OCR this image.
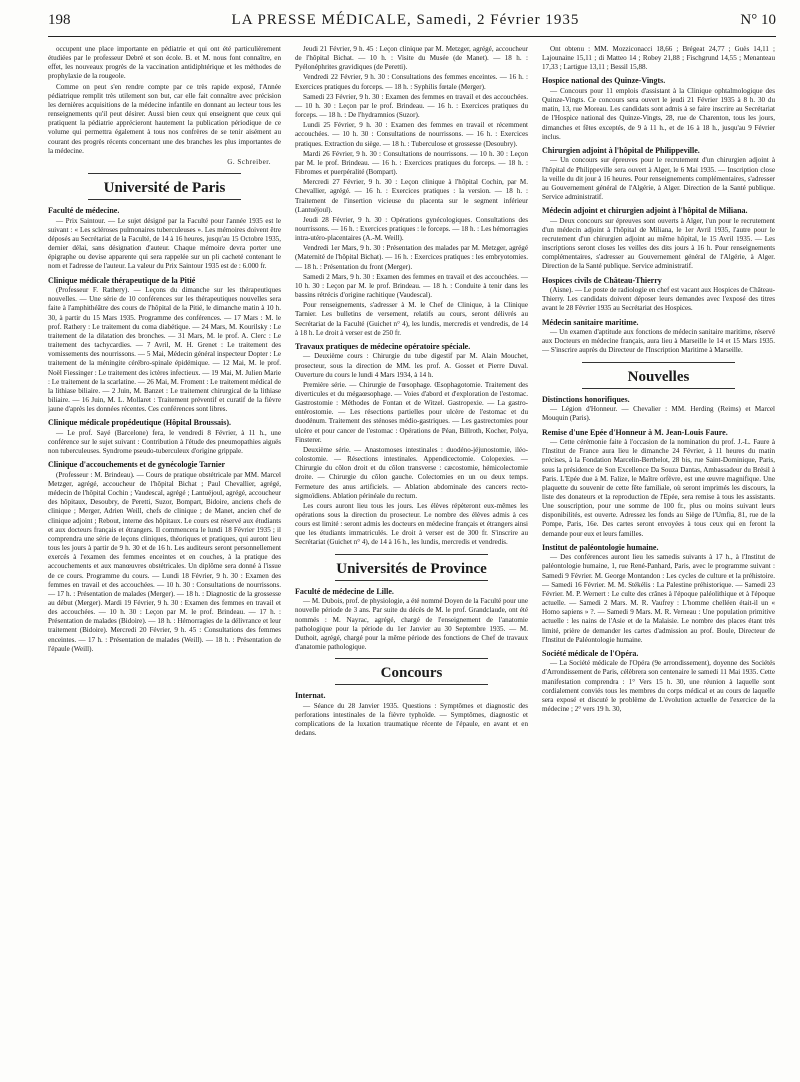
198	LA PRESSE MÉDICALE, Samedi, 2 Février 1935	N° 10

occupent une place importante en pédiatrie et qui ont été particulièrement étudiées par le professeur Debré et son école. B. et M. nous font connaître, en effet, les nouveaux progrès de la vaccination antidiphtérique et les méthodes de prophylaxie de la rougeole.

Comme on peut s'en rendre compte par ce très rapide exposé, l'Année pédiatrique remplit très utilement son but, car elle fait connaître avec précision les dernières acquisitions de la médecine infantile en donnant au lecteur tous les renseignements qu'il peut désirer. Aussi bien ceux qui enseignent que ceux qui pratiquent la pédiatrie apprécieront hautement la publication périodique de ce volume qui permettra également à tous nos confrères de se tenir aisément au courant des progrès récents concernant une des branches les plus importantes de la médecine.

G. Schreiber.
Université de Paris
Faculté de médecine.

— Prix Saintour. — Le sujet désigné par la Faculté pour l'année 1935 est le suivant : « Les scléroses pulmonaires tuberculeuses ». Les mémoires doivent être déposés au Secrétariat de la Faculté, de 14 à 16 heures, jusqu'au 15 Octobre 1935, dernier délai, sans désignation d'auteur. Chaque mémoire devra porter une épigraphe ou devise apparente qui sera rappelée sur un pli cacheté contenant le nom et l'adresse de l'auteur. La valeur du Prix Saintour 1935 est de : 6.000 fr.

Clinique médicale thérapeutique de la Pitié

(Professeur F. Rathery). — Leçons du dimanche sur les thérapeutiques nouvelles. — Une série de 10 conférences sur les thérapeutiques nouvelles sera faite à l'amphithéâtre des cours de l'hôpital de la Pitié, le dimanche matin à 10 h. 30, à partir du 15 Mars 1935. Programme des conférences. — 17 Mars : M. le prof. Rathery : Le traitement du coma diabétique. — 24 Mars, M. Kourilsky : Le traitement de la dilatation des bronches. — 31 Mars, M. le prof. A. Clerc : Le traitement des tachycardies. — 7 Avril, M. H. Grenet : Le traitement des vomissements des nourrissons. — 5 Mai, Médecin général inspecteur Dopter : Le traitement de la méningite cérébro-spinale épidémique. — 12 Mai, M. le prof. Noël Fiessinger : Le traitement des ictères infectieux. — 19 Mai, M. Julien Marie : Le traitement de la scarlatine. — 26 Mai, M. Froment : Le traitement médical de la lithiase biliaire. — 2 Juin, M. Banzet : Le traitement chirurgical de la lithiase biliaire. — 16 Juin, M. L. Mollaret : Traitement préventif et curatif de la fièvre jaune d'après les données récentes. Ces conférences sont libres.

Clinique médicale propédeutique (Hôpital Broussais).

— Le prof. Sayé (Barcelone) fera, le vendredi 8 Février, à 11 h., une conférence sur le sujet suivant : Contribution à l'étude des pneumopathies aiguës non tuberculeuses. Syndrome pseudo-tuberculeux d'origine grippale.

Clinique d'accouchements et de gynécologie Tarnier

(Professeur : M. Brindeau). — Cours de pratique obstétricale par MM. Marcel Metzger, agrégé, accoucheur de l'hôpital Bichat ; Paul Chevallier, agrégé, médecin de l'hôpital Cochin ; Vaudescal, agrégé ; Lantuéjoul, agrégé, accoucheur des hôpitaux, Desoubry, de Peretti, Suzor, Bompart, Bidoire, anciens chefs de clinique ; Merger, Adrien Weill, chefs de clinique ; de Manet, ancien chef de clinique adjoint ; Rebout, interne des hôpitaux. Le cours est réservé aux étudiants et aux docteurs français et étrangers. Il commencera le lundi 18 Février 1935 ; il comprendra une série de leçons cliniques, théoriques et pratiques, qui auront lieu tous les jours à partir de 9 h. 30 et de 16 h. Les auditeurs seront personnellement exercés à l'examen des femmes enceintes et en couches, à la pratique des accouchements et aux manœuvres obstétricales. Un diplôme sera donné à l'issue de ce cours. Programme du cours. — Lundi 18 Février, 9 h. 30 : Examen des femmes en travail et des accouchées. — 10 h. 30 : Consultations de nourrissons. — 17 h. : Présentation de malades (Merger). — 18 h. : Diagnostic de la grossesse au début (Merger). Mardi 19 Février, 9 h. 30 : Examen des femmes en travail et des accouchées. — 10 h. 30 : Leçon par M. le prof. Brindeau. — 17 h. : Présentation de malades (Bidoire). — 18 h. : Hémorragies de la délivrance et leur traitement (Bidoire). Mercredi 20 Février, 9 h. 45 : Consultations des femmes enceintes. — 17 h. : Présentation de malades (Weill). — 18 h. : Présentation de l'épaule (Weill).

Jeudi 21 Février, 9 h. 45 : Leçon clinique par M. Metzger, agrégé, accoucheur de l'hôpital Bichat. — 10 h. : Visite du Musée (de Manet). — 18 h. : Pyélonéphrites gravidiques (de Peretti).

Vendredi 22 Février, 9 h. 30 : Consultations des femmes enceintes. — 16 h. : Exercices pratiques du forceps. — 18 h. : Syphilis fœtale (Merger).

Samedi 23 Février, 9 h. 30 : Examen des femmes en travail et des accouchées. — 10 h. 30 : Leçon par le prof. Brindeau. — 16 h. : Exercices pratiques du forceps. — 18 h. : De l'hydramnios (Suzor).

Lundi 25 Février, 9 h. 30 : Examen des femmes en travail et récemment accouchées. — 10 h. 30 : Consultations de nourrissons. — 16 h. : Exercices pratiques. Extraction du siège. — 18 h. : Tuberculose et grossesse (Desoubry).

Mardi 26 Février, 9 h. 30 : Consultations de nourrissons. — 10 h. 30 : Leçon par M. le prof. Brindeau. — 16 h. : Exercices pratiques du forceps. — 18 h. : Fibromes et puerpéralité (Bompart).

Mercredi 27 Février, 9 h. 30 : Leçon clinique à l'hôpital Cochin, par M. Chevallier, agrégé. — 16 h. : Exercices pratiques : la version. — 18 h. : Traitement de l'insertion vicieuse du placenta sur le segment inférieur (Lantuéjoul).

Jeudi 28 Février, 9 h. 30 : Opérations gynécologiques. Consultations des nourrissons. — 16 h. : Exercices pratiques : le forceps. — 18 h. : Les hémorragies intra-utéro-placentaires (A.-M. Weill).

Vendredi 1er Mars, 9 h. 30 : Présentation des malades par M. Metzger, agrégé (Maternité de l'hôpital Bichat). — 16 h. : Exercices pratiques : les embryotomies. — 18 h. : Présentation du front (Merger).

Samedi 2 Mars, 9 h. 30 : Examen des femmes en travail et des accouchées. — 10 h. 30 : Leçon par M. le prof. Brindeau. — 18 h. : Conduite à tenir dans les bassins rétrécis d'origine rachitique (Vaudescal).

Pour renseignements, s'adresser à M. le Chef de Clinique, à la Clinique Tarnier. Les bulletins de versement, relatifs au cours, seront délivrés au Secrétariat de la Faculté (Guichet n° 4), les lundis, mercredis et vendredis, de 14 à 18 h. Le droit à verser est de 250 fr.

Travaux pratiques de médecine opératoire spéciale.

— Deuxième cours : Chirurgie du tube digestif par M. Alain Mouchet, prosecteur, sous la direction de MM. les prof. A. Gosset et Pierre Duval. Ouverture du cours le lundi 4 Mars 1934, à 14 h.

Première série. — Chirurgie de l'œsophage. Œsophagotomie. Traitement des diverticules et du mégaœsophage. — Voies d'abord et d'exploration de l'estomac. Gastrostomie : Méthodes de Fontan et de Witzel. Gastropexie. — La gastro-entérostomie. — Les résections partielles pour ulcère de l'estomac et du duodénum. Traitement des sténoses médio-gastriques. — Les gastrectomies pour ulcère et pour cancer de l'estomac : Opérations de Péan, Billroth, Kocher, Polya, Finsterer.

Deuxième série. — Anastomoses intestinales : duodéno-jéjunostomie, iléo-colostomie. — Résections intestinales. Appendicectomie. Colopexies. — Chirurgie du côlon droit et du côlon transverse : cæcostomie, hémicolectomie droite. — Chirurgie du côlon gauche. Colectomies en un ou deux temps. Fermeture des anus artificiels. — Ablation abdominale des cancers recto-sigmoïdiens. Ablation périnéale du rectum.

Les cours auront lieu tous les jours. Les élèves répèteront eux-mêmes les opérations sous la direction du prosecteur. Le nombre des élèves admis à ces cours est limité : seront admis les docteurs en médecine français et étrangers ainsi que les étudiants immatriculés. Le droit à verser est de 300 fr. S'inscrire au Secrétariat (Guichet n° 4), de 14 à 16 h., les lundis, mercredis et vendredis.

Universités de Province
Faculté de médecine de Lille.

— M. Dubois, prof. de physiologie, a été nommé Doyen de la Faculté pour une nouvelle période de 3 ans. Par suite du décès de M. le prof. Grandclaude, ont été nommés : M. Nayrac, agrégé, chargé de l'enseignement de l'anatomie pathologique pour la période du 1er Janvier au 30 Septembre 1935. — M. Duthoit, agrégé, chargé pour la même période des fonctions de Chef de travaux d'anatomie pathologique.

Concours
Internat.

— Séance du 28 Janvier 1935. Questions : Symptômes et diagnostic des perforations intestinales de la fièvre typhoïde. — Symptômes, diagnostic et complications de la luxation traumatique récente de l'épaule, en avant et en dedans.

Ont obtenu : MM. Mozziconacci 18,66 ; Brégeat 24,77 ; Guès 14,11 ; Lajounaine 15,11 ; di Matteo 14 ; Robey 21,88 ; Fischgrund 14,55 ; Menanteau 17,33 ; Lartigue 13,11 ; Bessil 15,88.

Hospice national des Quinze-Vingts.

— Concours pour 11 emplois d'assistant à la Clinique ophtalmologique des Quinze-Vingts. Ce concours sera ouvert le jeudi 21 Février 1935 à 8 h. 30 du matin, 13, rue Moreau. Les candidats sont admis à se faire inscrire au Secrétariat de l'Hospice national des Quinze-Vingts, 28, rue de Charenton, tous les jours, dimanches et fêtes exceptés, de 9 à 11 h., et de 16 à 18 h., jusqu'au 9 Février inclus.

Chirurgien adjoint à l'hôpital de Philippeville.

— Un concours sur épreuves pour le recrutement d'un chirurgien adjoint à l'hôpital de Philippeville sera ouvert à Alger, le 6 Mai 1935. — Inscription close la veille du dit jour à 16 heures. Pour renseignements complémentaires, s'adresser au Gouvernement général de l'Algérie, à Alger. Direction de la Santé publique. Service administratif.

Médecin adjoint et chirurgien adjoint à l'hôpital de Miliana.

— Deux concours sur épreuves sont ouverts à Alger, l'un pour le recrutement d'un médecin adjoint à l'hôpital de Miliana, le 1er Avril 1935, l'autre pour le recrutement d'un chirurgien adjoint au même hôpital, le 15 Avril 1935. — Les inscriptions seront closes les veilles des dits jours à 16 h. Pour renseignements complémentaires, s'adresser au Gouvernement général de l'Algérie, à Alger. Direction de la Santé publique. Service administratif.

Hospices civils de Château-Thierry

(Aisne). — Le poste de radiologie en chef est vacant aux Hospices de Château-Thierry. Les candidats doivent déposer leurs demandes avec l'exposé des titres avant le 28 Février 1935 au Secrétariat des Hospices.

Médecin sanitaire maritime.

— Un examen d'aptitude aux fonctions de médecin sanitaire maritime, réservé aux Docteurs en médecine français, aura lieu à Marseille le 14 et 15 Mars 1935. — S'inscrire auprès du Directeur de l'Inscription Maritime à Marseille.

Nouvelles
Distinctions honorifiques.

— Légion d'Honneur. — Chevalier : MM. Herding (Reims) et Marcel Mouquin (Paris).

Remise d'une Epée d'Honneur à M. Jean-Louis Faure.

— Cette cérémonie faite à l'occasion de la nomination du prof. J.-L. Faure à l'Institut de France aura lieu le dimanche 24 Février, à 11 heures du matin précises, à la Fondation Marcelin-Berthelot, 28 bis, rue Saint-Dominique, Paris, sous la présidence de Son Excellence Da Souza Dantas, Ambassadeur du Brésil à Paris. L'Epée due à M. Falize, le Maître orfèvre, est une œuvre magnifique. Une plaquette du souvenir de cette fête familiale, où seront imprimés les discours, la liste des donateurs et la reproduction de l'Epée, sera remise à tous les assistants. Une souscription, pour une somme de 100 fr., plus ou moins suivant leurs disponibilités, est ouverte. Adressez les fonds au Siège de l'Umfia, 81, rue de la Pompe, Paris, 16e. Des cartes seront envoyées à tous ceux qui en feront la demande pour eux et leurs familles.

Institut de paléontologie humaine.

— Des conférences auront lieu les samedis suivants à 17 h., à l'Institut de paléontologie humaine, 1, rue René-Panhard, Paris, avec le programme suivant : Samedi 9 Février. M. George Montandon : Les cycles de culture et la préhistoire. — Samedi 16 Février. M. M. Stékélis : La Palestine préhistorique. — Samedi 23 Février. M. P. Wernert : Le culte des crânes à l'époque paléolithique et à l'époque actuelle. — Samedi 2 Mars. M. R. Vaufrey : L'homme chelléen était-il un « Homo sapiens » ?. — Samedi 9 Mars. M. R. Verneau : Une population primitive actuelle : les nains de l'Asie et de la Malaisie. Le nombre des places étant très limité, prière de demander les cartes d'admission au prof. Boule, Directeur de l'Institut de Paléontologie humaine.

Société médicale de l'Opéra.

— La Société médicale de l'Opéra (9e arrondissement), doyenne des Sociétés d'Arrondissement de Paris, célèbrera son centenaire le samedi 11 Mai 1935. Cette manifestation comprendra : 1° Vers 15 h. 30, une réunion à laquelle sont cordialement conviés tous les membres du corps médical et au cours de laquelle sera exposé et discuté le problème de L'évolution actuelle de l'exercice de la médecine ; 2° vers 19 h. 30,
